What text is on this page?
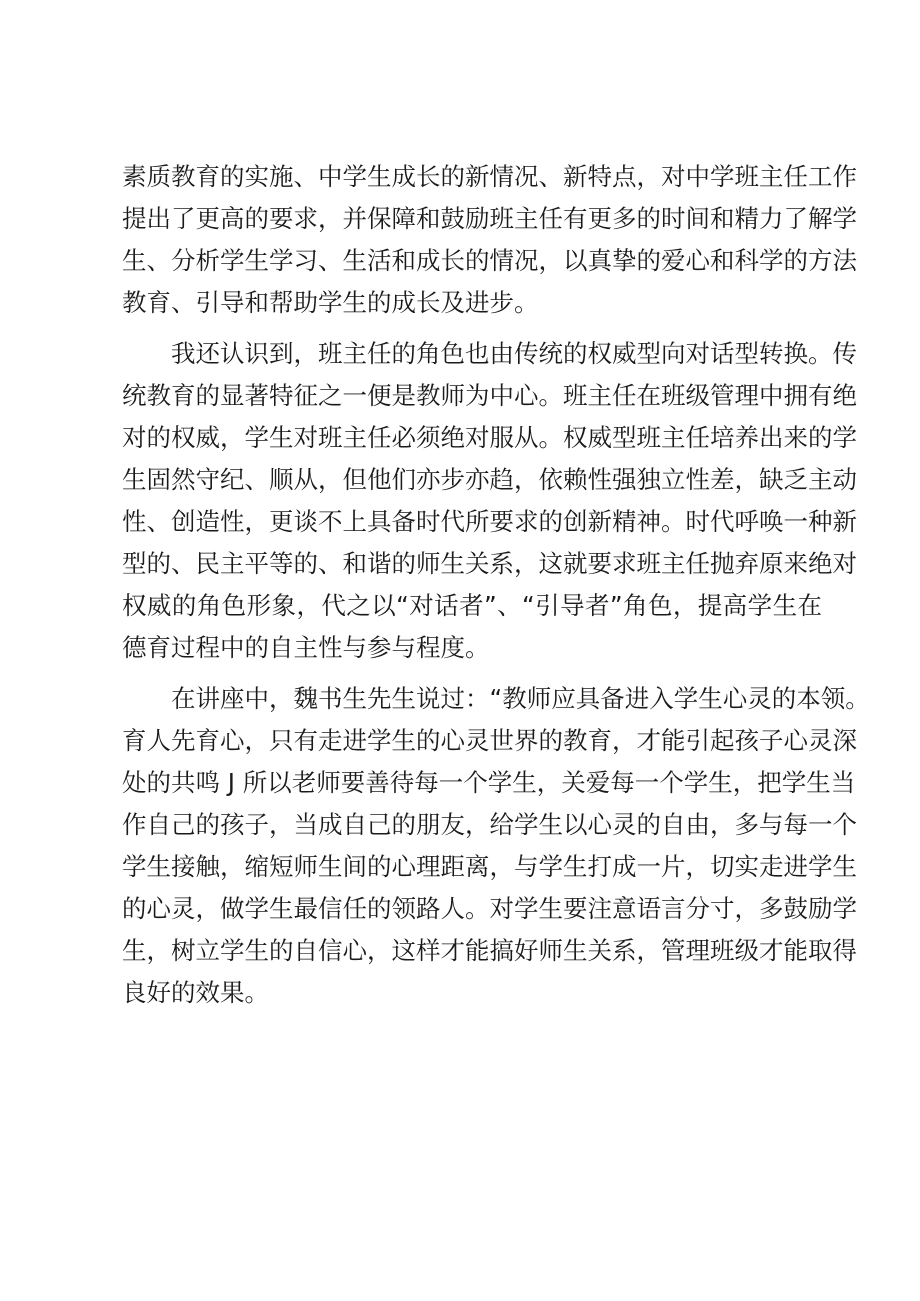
素质教育的实施、中学生成长的新情况、新特点，对中学班主任工作
提出了更高的要求，并保障和鼓励班主任有更多的时间和精力了解学
生、分析学生学习、生活和成长的情况，以真挚的爱心和科学的方法
教育、引导和帮助学生的成长及进步。
　　我还认识到，班主任的角色也由传统的权威型向对话型转换。传
统教育的显著特征之一便是教师为中心。班主任在班级管理中拥有绝
对的权威，学生对班主任必须绝对服从。权威型班主任培养出来的学
生固然守纪、顺从，但他们亦步亦趋，依赖性强独立性差，缺乏主动
性、创造性，更谈不上具备时代所要求的创新精神。时代呼唤一种新
型的、民主平等的、和谐的师生关系，这就要求班主任抛弃原来绝对
权威的角色形象，代之以“对话者”、“引导者”角色，提高学生在
德育过程中的自主性与参与程度。
　　在讲座中，魏书生先生说过：“教师应具备进入学生心灵的本领。
育人先育心，只有走进学生的心灵世界的教育，才能引起孩子心灵深
处的共鸣 J 所以老师要善待每一个学生，关爱每一个学生，把学生当
作自己的孩子，当成自己的朋友，给学生以心灵的自由，多与每一个
学生接触，缩短师生间的心理距离，与学生打成一片，切实走进学生
的心灵，做学生最信任的领路人。对学生要注意语言分寸，多鼓励学
生，树立学生的自信心，这样才能搞好师生关系，管理班级才能取得
良好的效果。
